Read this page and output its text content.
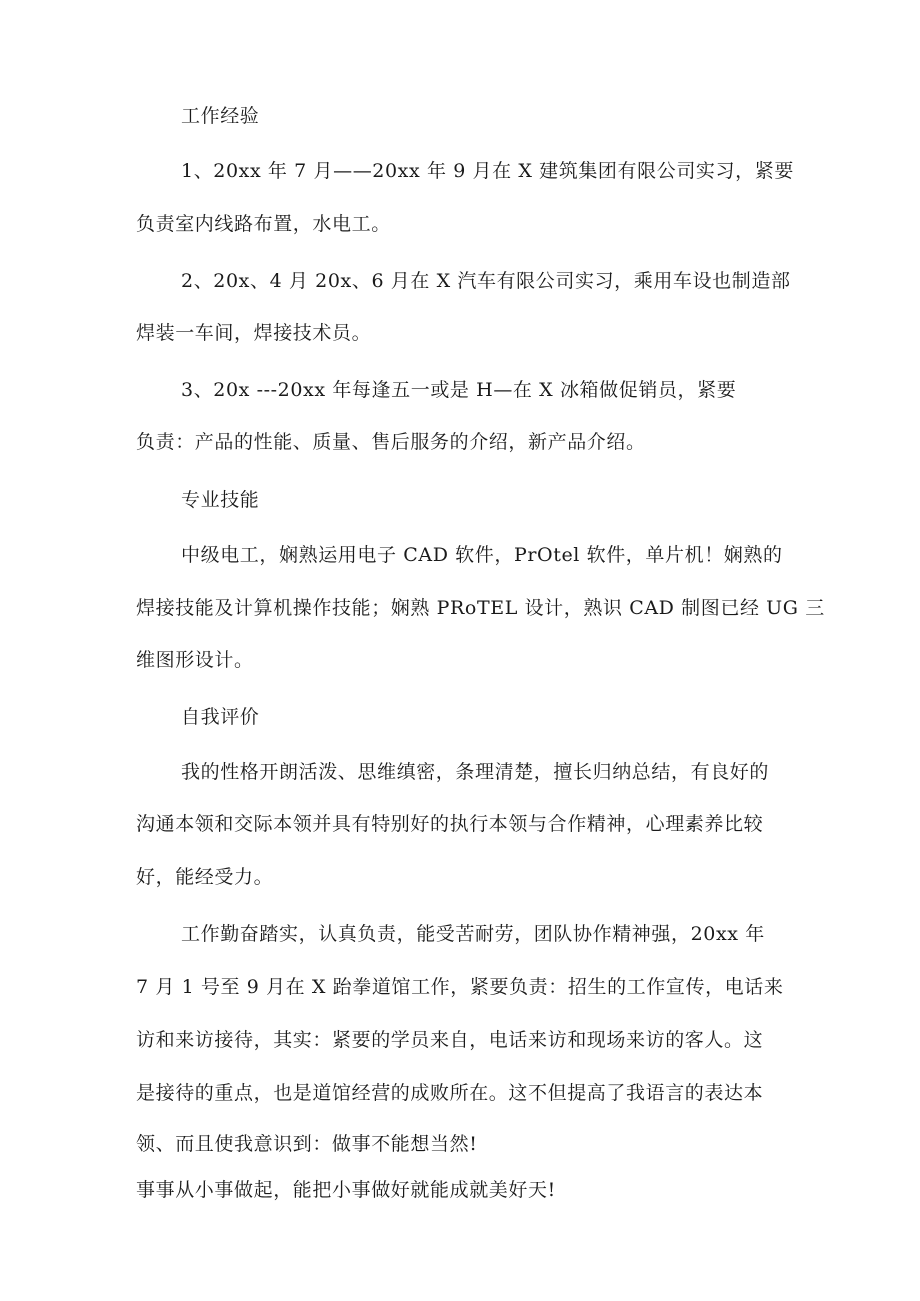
工作经验
1、20xx 年 7 月——20xx 年 9 月在 X 建筑集团有限公司实习，紧要
负责室内线路布置，水电工。
2、20x、4 月 20x、6 月在 X 汽车有限公司实习，乘用车设也制造部
焊装一车间，焊接技术员。
3、20x ---20xx 年每逢五一或是 H—在 X 冰箱做促销员，紧要
负责：产品的性能、质量、售后服务的介绍，新产品介绍。
专业技能
中级电工，娴熟运用电子 CAD 软件，PrOtel 软件，单片机！娴熟的
焊接技能及计算机操作技能；娴熟 PRoTEL 设计，熟识 CAD 制图已经 UG 三
维图形设计。
自我评价
我的性格开朗活泼、思维缜密，条理清楚，擅长归纳总结，有良好的
沟通本领和交际本领并具有特别好的执行本领与合作精神，心理素养比较
好，能经受力。
工作勤奋踏实，认真负责，能受苦耐劳，团队协作精神强，20xx 年
7 月 1 号至 9 月在 X 跆拳道馆工作，紧要负责：招生的工作宣传，电话来
访和来访接待，其实：紧要的学员来自，电话来访和现场来访的客人。这
是接待的重点，也是道馆经营的成败所在。这不但提高了我语言的表达本
领、而且使我意识到：做事不能想当然!
事事从小事做起，能把小事做好就能成就美好天!
